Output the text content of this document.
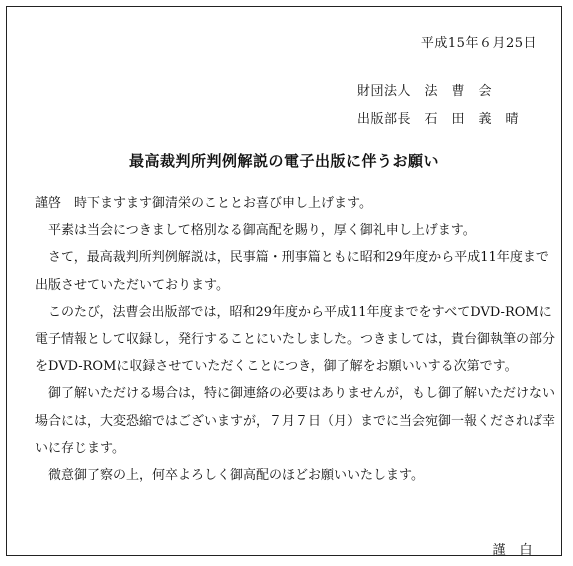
平成15年６月25日
財団法人　法　曹　会
出版部長　石　田　義　晴
最高裁判所判例解説の電子出版に伴うお願い

謹啓　時下ますます御清栄のこととお喜び申し上げます。

平素は当会につきまして格別なる御高配を賜り，厚く御礼申し上げます。

さて，最高裁判所判例解説は，民事篇・刑事篇ともに昭和29年度から平成11年度まで出版させていただいております。

このたび，法曹会出版部では，昭和29年度から平成11年度までをすべてDVD-ROMに電子情報として収録し，発行することにいたしました。つきましては，貴台御執筆の部分をDVD-ROMに収録させていただくことにつき，御了解をお願いいする次第です。

御了解いただける場合は，特に御連絡の必要はありませんが，もし御了解いただけない場合には，大変恐縮ではございますが，７月７日（月）までに当会宛御一報くだされば幸いに存じます。

微意御了察の上，何卒よろしく御高配のほどお願いいたします。

謹　白
